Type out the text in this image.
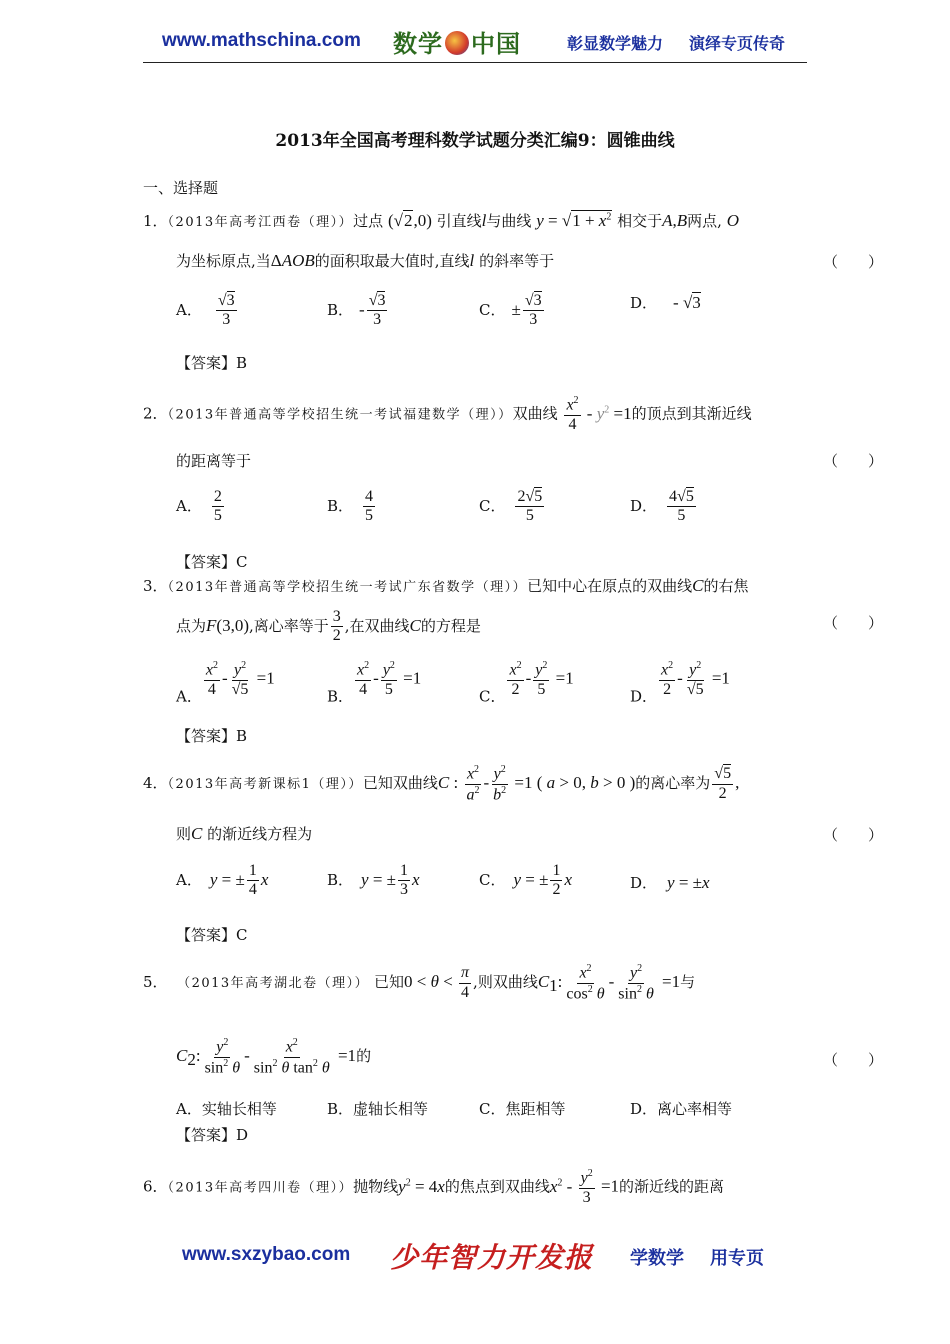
www.mathschina.com 数学 中国	彰显数学魅力 演绎专页传奇
2013年全国高考理科数学试题分类汇编9：圆锥曲线
一、选择题
1．（2013年高考江西卷（理））过点 (√2,0) 引直线l与曲线 $y = √1 + x^2$ 相交于A,B两点, O
为坐标原点,当ΔAOB的面积取最大值时,直线l 的斜率等于	（　　）
A． $\frac{√3}{3}$	B． - $\frac{√3}{3}$	C． ± $\frac{√3}{3}$	D． - √3
【答案】B
2．（2013年普通高等学校招生统一考试福建数学（理））双曲线 $\frac{x^2}{4} - y^2 =1$的顶点到其渐近线
的距离等于	（　　）
A． $\frac{2}{5}$	B． $\frac{4}{5}$	C． $\frac{2√5}{5}$	D． $\frac{4√5}{5}$
【答案】C
3．（2013年普通高等学校招生统一考试广东省数学（理））已知中心在原点的双曲线C的右焦
点为F(3,0),离心率等于 $\frac{3}{2}$ ,在双曲线C的方程是	（　　）
A． $\frac{x^2}{4} - \frac{y^2}{√5} =1$
B． $\frac{x^2}{4} - \frac{y^2}{5} =1$
C． $\frac{x^2}{2} - \frac{y^2}{5} =1$
D． $\frac{x^2}{2} - \frac{y^2}{√5} =1$
【答案】B
4．（2013年高考新课标1（理））已知双曲线C : $\frac{x^2}{a^2} - \frac{y^2}{b^2} =1$ ( a > 0, b > 0 )的离心率为 $\frac{√5}{2}$ ,
则C 的渐近线方程为	（　　）
A． y = ± $\frac{1}{4}$ x	B． y = ± $\frac{1}{3}$ x	C． y = ± $\frac{1}{2}$ x	D． y = ±x
【答案】C
5． （2013年高考湖北卷（理）） 已知$0 < \theta < \frac{\pi}{4}$ ,则双曲线$C_1$: $\frac{x^2}{\cos^2 \theta} - \frac{y^2}{\sin^2 \theta} =1$与
$C_2$: $\frac{y^2}{\sin^2 \theta} - \frac{x^2}{\sin^2 \theta \tan^2 \theta} =1$的	（　　）
A．实轴长相等	B．虚轴长相等	C．焦距相等	D．离心率相等
【答案】D
6．（2013年高考四川卷（理））抛物线$y^2 = 4x$的焦点到双曲线$x^2 - \frac{y^2}{3} =1$的渐近线的距离
www.sxzybao.com 少年智力开发报 学数学 用专页
